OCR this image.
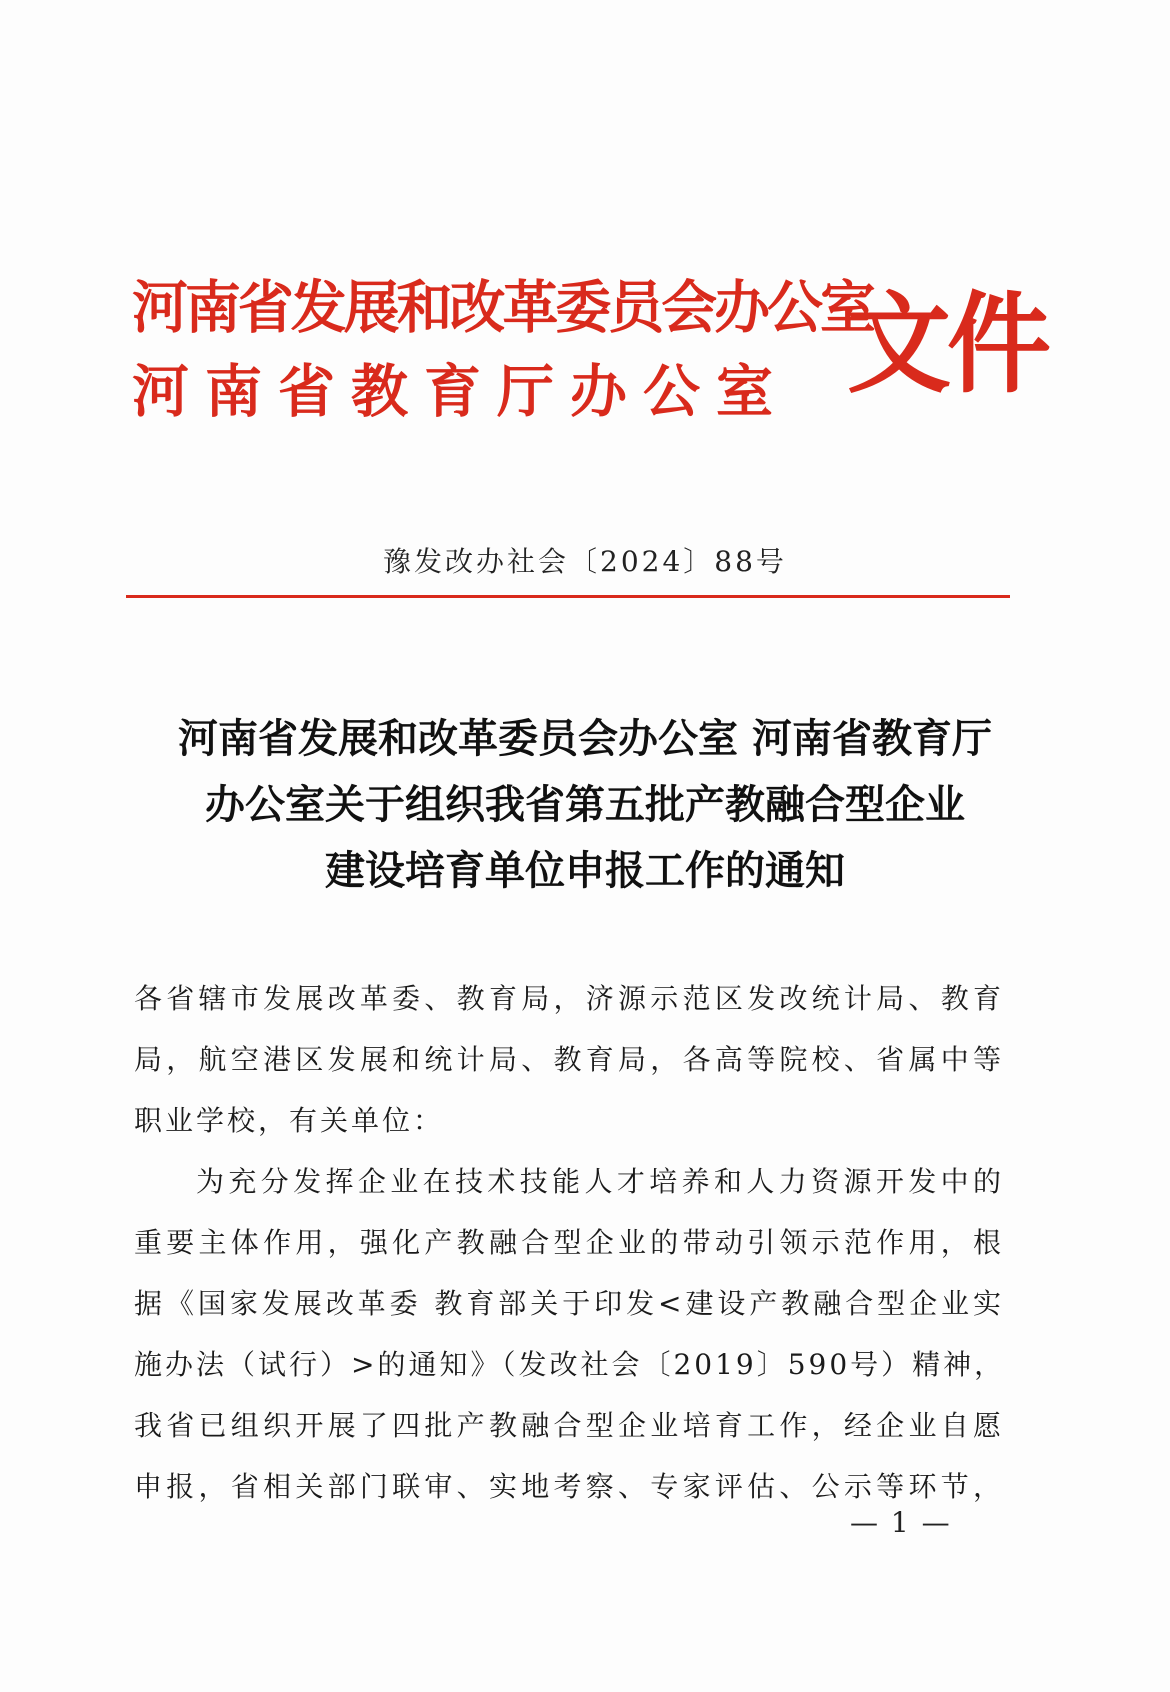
河南省发展和改革委员会办公室
河南省教育厅办公室 文件
豫发改办社会〔2024〕88号
河南省发展和改革委员会办公室 河南省教育厅
办公室关于组织我省第五批产教融合型企业
建设培育单位申报工作的通知
各省辖市发展改革委、教育局，济源示范区发改统计局、教育
局，航空港区发展和统计局、教育局，各高等院校、省属中等
职业学校，有关单位：
为充分发挥企业在技术技能人才培养和人力资源开发中的
重要主体作用，强化产教融合型企业的带动引领示范作用，根
据《国家发展改革委 教育部关于印发<建设产教融合型企业实
施办法（试行）>的通知》（发改社会〔2019〕590号）精神，
我省已组织开展了四批产教融合型企业培育工作，经企业自愿
申报，省相关部门联审、实地考察、专家评估、公示等环节，
— 1 —
